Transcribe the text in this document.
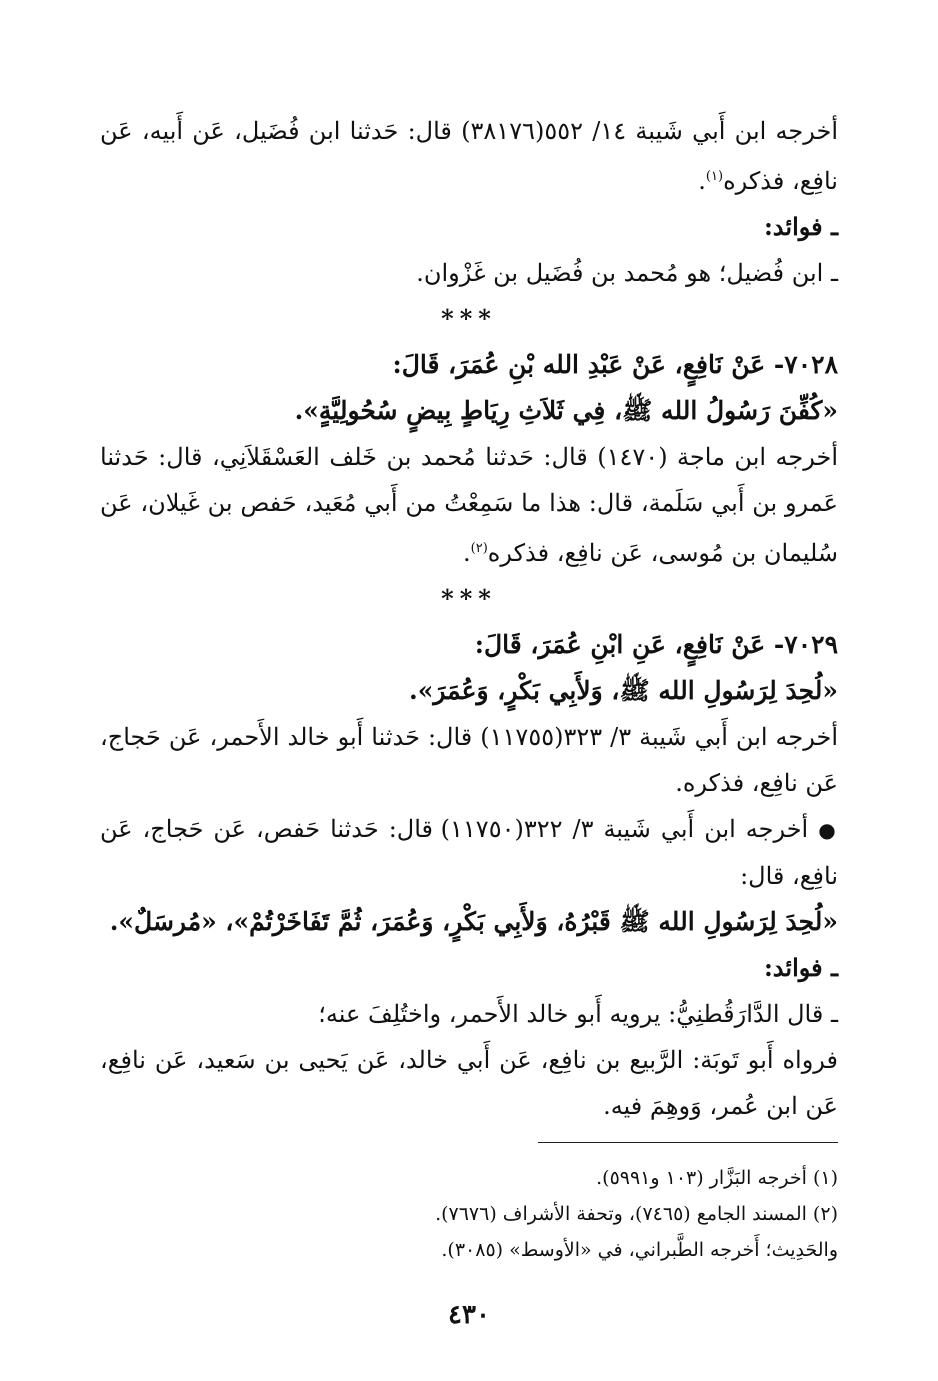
أخرجه ابن أَبي شَيبة ١٤/ ٥٥٢(٣٨١٧٦) قال: حَدثنا ابن فُضَيل، عَن أَبيه، عَن نافِع، فذكره$^{(١)}$.

ـ فوائد:

ـ ابن فُضيل؛ هو مُحمد بن فُضَيل بن غَزْوان.

***

٧٠٢٨- عَنْ نَافِعٍ، عَنْ عَبْدِ الله بْنِ عُمَرَ، قَالَ:

«كُفِّنَ رَسُولُ الله ﷺ، فِي ثَلاَثِ رِيَاطٍ بِيضٍ سُحُولِيَّةٍ».

أخرجه ابن ماجة (١٤٧٠) قال: حَدثنا مُحمد بن خَلف العَسْقَلاَنِي، قال: حَدثنا عَمرو بن أَبي سَلَمة، قال: هذا ما سَمِعْتُ من أَبي مُعَيد، حَفص بن غَيلان، عَن سُليمان بن مُوسى، عَن نافِع، فذكره$^{(٢)}$.

***

٧٠٢٩- عَنْ نَافِعٍ، عَنِ ابْنِ عُمَرَ، قَالَ:

«لُحِدَ لِرَسُولِ الله ﷺ، وَلأَبِي بَكْرٍ، وَعُمَرَ».

أخرجه ابن أَبي شَيبة ٣/ ٣٢٣(١١٧٥٥) قال: حَدثنا أَبو خالد الأَحمر، عَن حَجاج، عَن نافِع، فذكره.

● أخرجه ابن أَبي شَيبة ٣/ ٣٢٢(١١٧٥٠) قال: حَدثنا حَفص، عَن حَجاج، عَن نافِع، قال:

«لُحِدَ لِرَسُولِ الله ﷺ قَبْرُهُ، وَلأَبِي بَكْرٍ، وَعُمَرَ، ثُمَّ تَفَاخَرْتُمْ»، «مُرسَلٌ».

ـ فوائد:

ـ قال الدَّارَقُطنِيُّ: يرويه أَبو خالد الأَحمر، واختُلِفَ عنه؛

فرواه أَبو تَوبَة: الرَّبيع بن نافِع، عَن أَبي خالد، عَن يَحيى بن سَعيد، عَن نافِع، عَن ابن عُمر، وَوهِمَ فيه.

(١) أخرجه البَزَّار (١٠٣ و٥٩٩١).

(٢) المسند الجامع (٧٤٦٥)، وتحفة الأشراف (٧٦٧٦).

والحَدِيث؛ أَخرجه الطَّبراني، في «الأوسط» (٣٠٨٥).

٤٣٠
